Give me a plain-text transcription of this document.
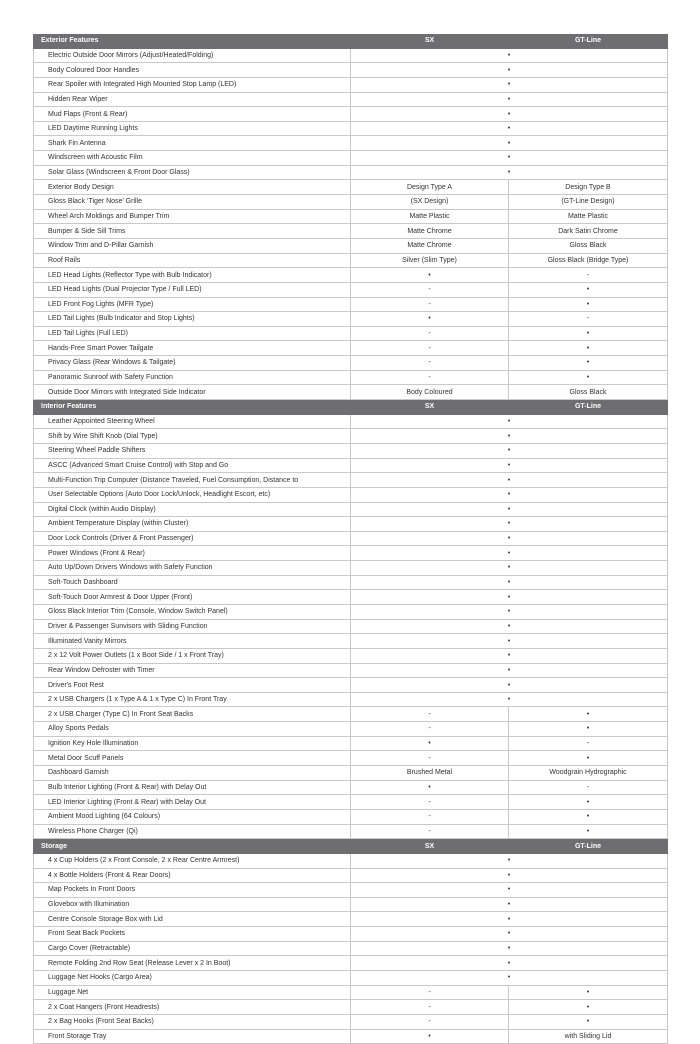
Exterior Features	SX	GT-Line
Electric Outside Door Mirrors (Adjust/Heated/Folding)	•	
Body Coloured Door Handles	•	
Rear Spoiler with Integrated High Mounted Stop Lamp (LED)	•	
Hidden Rear Wiper	•	
Mud Flaps (Front & Rear)	•	
LED Daytime Running Lights	•	
Shark Fin Antenna	•	
Windscreen with Acoustic Film	•	
Solar Glass (Windscreen & Front Door Glass)	•	
Exterior Body Design	Design Type A	Design Type B
Gloss Black ‘Tiger Nose’ Grille	(SX Design)	(GT-Line Design)
Wheel Arch Moldings and Bumper Trim	Matte Plastic	Matte Plastic
Bumper & Side Sill Trims	Matte Chrome	Dark Satin Chrome
Window Trim and D-Pillar Garnish	Matte Chrome	Gloss Black
Roof Rails	Silver (Slim Type)	Gloss Black (Bridge Type)
LED Head Lights (Reflector Type with Bulb Indicator)	•	-
LED Head Lights (Dual Projector Type / Full LED)	-	•
LED Front Fog Lights (MFR Type)	-	•
LED Tail Lights (Bulb Indicator and Stop Lights)	•	-
LED Tail Lights (Full LED)	-	•
Hands-Free Smart Power Tailgate	-	•
Privacy Glass (Rear Windows & Tailgate)	-	•
Panoramic Sunroof with Safety Function	-	•
Outside Door Mirrors with Integrated Side Indicator	Body Coloured	Gloss Black
Interior Features	SX	GT-Line
Leather Appointed Steering Wheel	•	
Shift by Wire Shift Knob (Dial Type)	•	
Steering Wheel Paddle Shifters	•	
ASCC (Advanced Smart Cruise Control) with Stop and Go	•	
Multi-Function Trip Computer (Distance Traveled, Fuel Consumption, Distance to	•	
User Selectable Options (Auto Door Lock/Unlock, Headlight Escort, etc)	•	
Digital Clock (within Audio Display)	•	
Ambient Temperature Display (within Cluster)	•	
Door Lock Controls (Driver & Front Passenger)	•	
Power Windows (Front & Rear)	•	
Auto Up/Down Drivers Windows with Safety Function	•	
Soft-Touch Dashboard	•	
Soft-Touch Door Armrest & Door Upper (Front)	•	
Gloss Black Interior Trim (Console, Window Switch Panel)	•	
Driver & Passenger Sunvisors with Sliding Function	•	
Illuminated Vanity Mirrors	•	
2 x 12 Volt Power Outlets (1 x Boot Side / 1 x Front Tray)	•	
Rear Window Defroster with Timer	•	
Driver's Foot Rest	•	
2 x USB Chargers (1 x Type A & 1 x Type C) In Front Tray	•	
2 x USB Charger (Type C) In Front Seat Backs	-	•
Alloy Sports Pedals	-	•
Ignition Key Hole Illumination	•	-
Metal Door Scuff Panels	-	•
Dashboard Garnish	Brushed Metal	Woodgrain Hydrographic
Bulb Interior Lighting (Front & Rear) with Delay Out	•	-
LED Interior Lighting (Front & Rear) with Delay Out	-	•
Ambient Mood Lighting (64 Colours)	-	•
Wireless Phone Charger (Qi)	-	•
Storage	SX	GT-Line
4 x Cup Holders (2 x Front Console, 2 x Rear Centre Armrest)	•	
4 x Bottle Holders (Front & Rear Doors)	•	
Map Pockets In Front Doors	•	
Glovebox with Illumination	•	
Centre Console Storage Box with Lid	•	
Front Seat Back Pockets	•	
Cargo Cover (Retractable)	•	
Remote Folding 2nd Row Seat (Release Lever x 2 In Boot)	•	
Luggage Net Hooks (Cargo Area)	•	
Luggage Net	-	•
2 x Coat Hangers (Front Headrests)	-	•
2 x Bag Hooks (Front Seat Backs)	-	•
Front Storage Tray	•	with Sliding Lid
